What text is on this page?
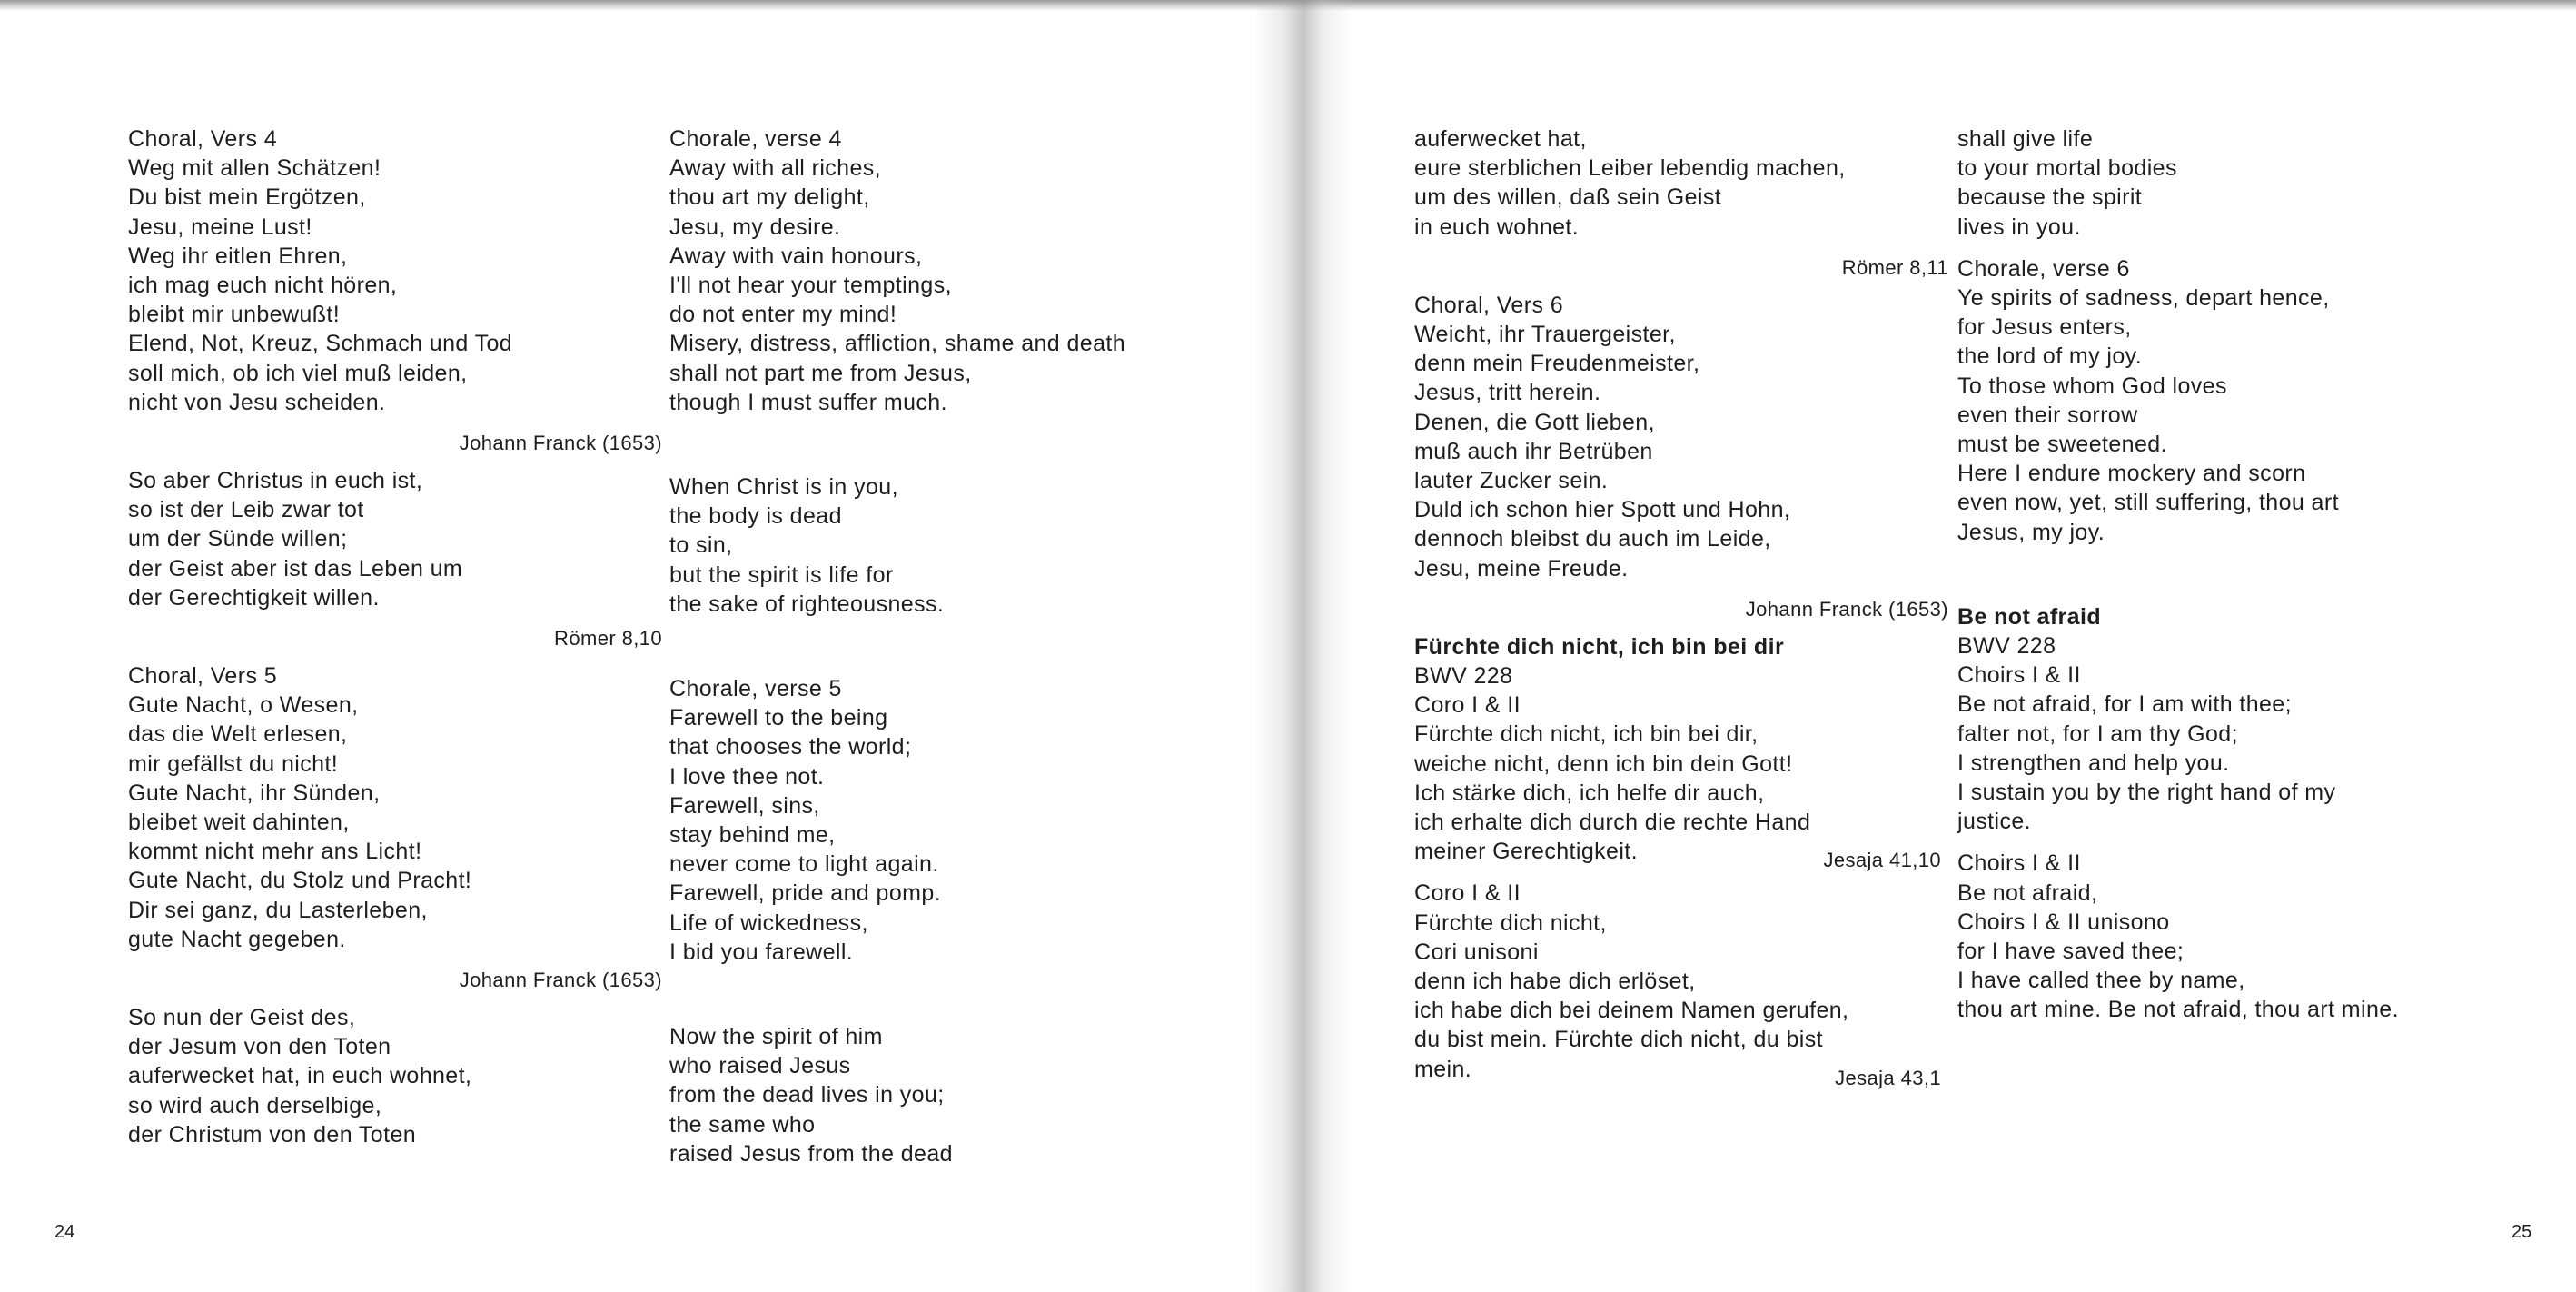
Choral, Vers 4

Weg mit allen Schätzen!

Du bist mein Ergötzen,

Jesu, meine Lust!

Weg ihr eitlen Ehren,

ich mag euch nicht hören,

bleibt mir unbewußt!

Elend, Not, Kreuz, Schmach und Tod

soll mich, ob ich viel muß leiden,

nicht von Jesu scheiden.

Johann Franck (1653)

So aber Christus in euch ist,

so ist der Leib zwar tot

um der Sünde willen;

der Geist aber ist das Leben um

der Gerechtigkeit willen.

Römer 8,10

Choral, Vers 5

Gute Nacht, o Wesen,

das die Welt erlesen,

mir gefällst du nicht!

Gute Nacht, ihr Sünden,

bleibet weit dahinten,

kommt nicht mehr ans Licht!

Gute Nacht, du Stolz und Pracht!

Dir sei ganz, du Lasterleben,

gute Nacht gegeben.

Johann Franck (1653)

So nun der Geist des,

der Jesum von den Toten

auferwecket hat, in euch wohnet,

so wird auch derselbige,

der Christum von den Toten

Chorale, verse 4

Away with all riches,

thou art my delight,

Jesu, my desire.

Away with vain honours,

I'll not hear your temptings,

do not enter my mind!

Misery, distress, affliction, shame and death

shall not part me from Jesus,

though I must suffer much.

When Christ is in you,

the body is dead

to sin,

but the spirit is life for

the sake of righteousness.

Chorale, verse 5

Farewell to the being

that chooses the world;

I love thee not.

Farewell, sins,

stay behind me,

never come to light again.

Farewell, pride and pomp.

Life of wickedness,

I bid you farewell.

Now the spirit of him

who raised Jesus

from the dead lives in you;

the same who

raised Jesus from the dead

auferwecket hat,

eure sterblichen Leiber lebendig machen,

um des willen, daß sein Geist

in euch wohnet.

Römer 8,11

Choral, Vers 6

Weicht, ihr Trauergeister,

denn mein Freudenmeister,

Jesus, tritt herein.

Denen, die Gott lieben,

muß auch ihr Betrüben

lauter Zucker sein.

Duld ich schon hier Spott und Hohn,

dennoch bleibst du auch im Leide,

Jesu, meine Freude.

Johann Franck (1653)

Fürchte dich nicht, ich bin bei dir

BWV 228

Coro I & II

Fürchte dich nicht, ich bin bei dir,

weiche nicht, denn ich bin dein Gott!

Ich stärke dich, ich helfe dir auch,

ich erhalte dich durch die rechte Hand

meiner Gerechtigkeit.	Jesaja 41,10

Coro I & II

Fürchte dich nicht,

Cori unisoni

denn ich habe dich erlöset,

ich habe dich bei deinem Namen gerufen,

du bist mein. Fürchte dich nicht, du bist

mein.	Jesaja 43,1

shall give life

to your mortal bodies

because the spirit

lives in you.

Chorale, verse 6

Ye spirits of sadness, depart hence,

for Jesus enters,

the lord of my joy.

To those whom God loves

even their sorrow

must be sweetened.

Here I endure mockery and scorn

even now, yet, still suffering, thou art

Jesus, my joy.

Be not afraid

BWV 228

Choirs I & II

Be not afraid, for I am with thee;

falter not, for I am thy God;

I strengthen and help you.

I sustain you by the right hand of my

justice.

Choirs I & II

Be not afraid,

Choirs I & II unisono

for I have saved thee;

I have called thee by name,

thou art mine. Be not afraid, thou art mine.

24	25
